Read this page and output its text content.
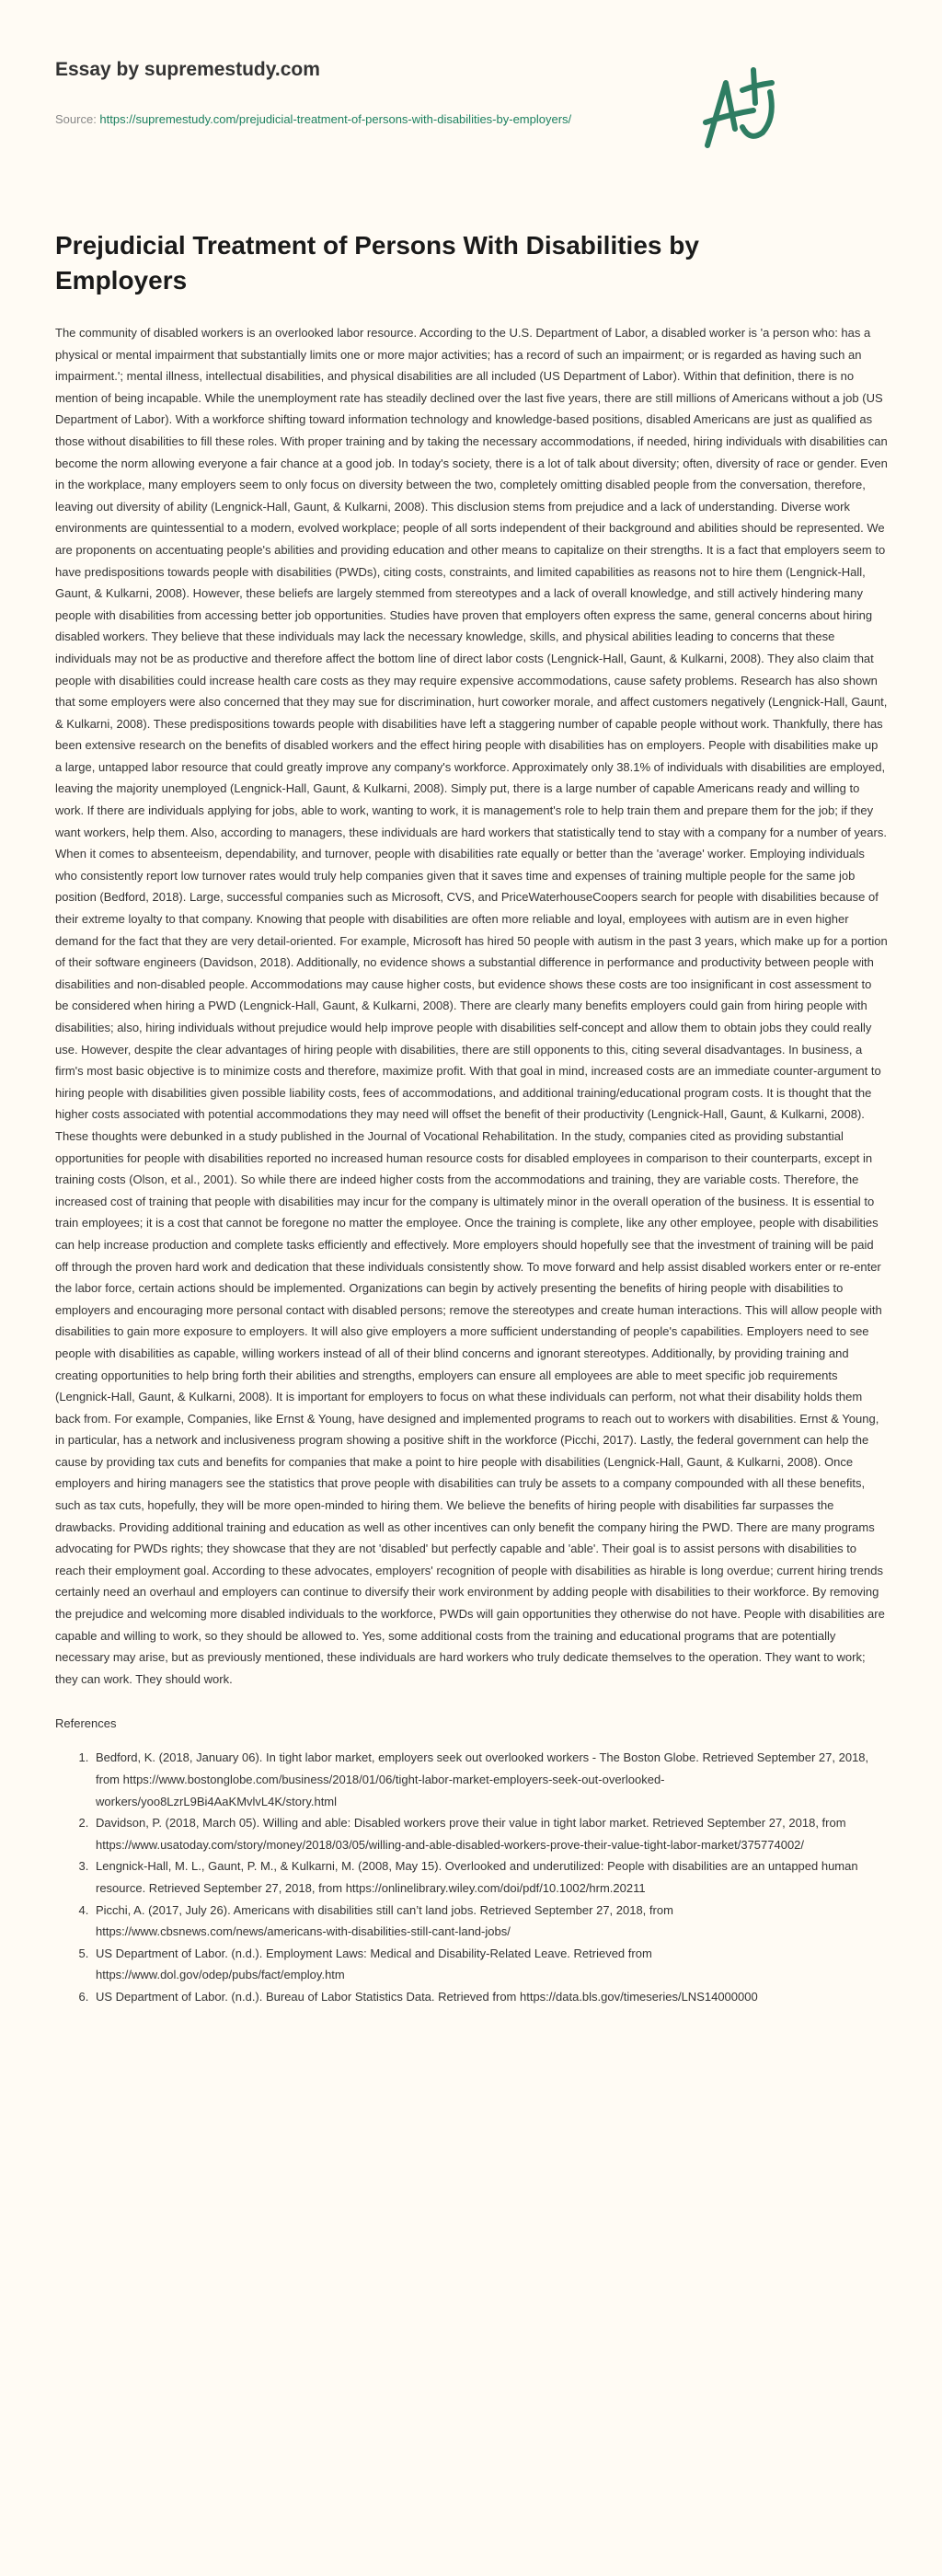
Essay by supremestudy.com
Source: https://supremestudy.com/prejudicial-treatment-of-persons-with-disabilities-by-employers/
Prejudicial Treatment of Persons With Disabilities by Employers

The community of disabled workers is an overlooked labor resource. According to the U.S. Department of Labor, a disabled worker is 'a person who: has a physical or mental impairment that substantially limits one or more major activities; has a record of such an impairment; or is regarded as having such an impairment.'; mental illness, intellectual disabilities, and physical disabilities are all included (US Department of Labor). Within that definition, there is no mention of being incapable. While the unemployment rate has steadily declined over the last five years, there are still millions of Americans without a job (US Department of Labor). With a workforce shifting toward information technology and knowledge-based positions, disabled Americans are just as qualified as those without disabilities to fill these roles. With proper training and by taking the necessary accommodations, if needed, hiring individuals with disabilities can become the norm allowing everyone a fair chance at a good job. In today's society, there is a lot of talk about diversity; often, diversity of race or gender. Even in the workplace, many employers seem to only focus on diversity between the two, completely omitting disabled people from the conversation, therefore, leaving out diversity of ability (Lengnick-Hall, Gaunt, & Kulkarni, 2008). This disclusion stems from prejudice and a lack of understanding. Diverse work environments are quintessential to a modern, evolved workplace; people of all sorts independent of their background and abilities should be represented. We are proponents on accentuating people's abilities and providing education and other means to capitalize on their strengths. It is a fact that employers seem to have predispositions towards people with disabilities (PWDs), citing costs, constraints, and limited capabilities as reasons not to hire them (Lengnick-Hall, Gaunt, & Kulkarni, 2008). However, these beliefs are largely stemmed from stereotypes and a lack of overall knowledge, and still actively hindering many people with disabilities from accessing better job opportunities. Studies have proven that employers often express the same, general concerns about hiring disabled workers. They believe that these individuals may lack the necessary knowledge, skills, and physical abilities leading to concerns that these individuals may not be as productive and therefore affect the bottom line of direct labor costs (Lengnick-Hall, Gaunt, & Kulkarni, 2008). They also claim that people with disabilities could increase health care costs as they may require expensive accommodations, cause safety problems. Research has also shown that some employers were also concerned that they may sue for discrimination, hurt coworker morale, and affect customers negatively (Lengnick-Hall, Gaunt, & Kulkarni, 2008). These predispositions towards people with disabilities have left a staggering number of capable people without work. Thankfully, there has been extensive research on the benefits of disabled workers and the effect hiring people with disabilities has on employers. People with disabilities make up a large, untapped labor resource that could greatly improve any company's workforce. Approximately only 38.1% of individuals with disabilities are employed, leaving the majority unemployed (Lengnick-Hall, Gaunt, & Kulkarni, 2008). Simply put, there is a large number of capable Americans ready and willing to work. If there are individuals applying for jobs, able to work, wanting to work, it is management's role to help train them and prepare them for the job; if they want workers, help them. Also, according to managers, these individuals are hard workers that statistically tend to stay with a company for a number of years. When it comes to absenteeism, dependability, and turnover, people with disabilities rate equally or better than the 'average' worker. Employing individuals who consistently report low turnover rates would truly help companies given that it saves time and expenses of training multiple people for the same job position (Bedford, 2018). Large, successful companies such as Microsoft, CVS, and PriceWaterhouseCoopers search for people with disabilities because of their extreme loyalty to that company. Knowing that people with disabilities are often more reliable and loyal, employees with autism are in even higher demand for the fact that they are very detail-oriented. For example, Microsoft has hired 50 people with autism in the past 3 years, which make up for a portion of their software engineers (Davidson, 2018). Additionally, no evidence shows a substantial difference in performance and productivity between people with disabilities and non-disabled people. Accommodations may cause higher costs, but evidence shows these costs are too insignificant in cost assessment to be considered when hiring a PWD (Lengnick-Hall, Gaunt, & Kulkarni, 2008). There are clearly many benefits employers could gain from hiring people with disabilities; also, hiring individuals without prejudice would help improve people with disabilities self-concept and allow them to obtain jobs they could really use. However, despite the clear advantages of hiring people with disabilities, there are still opponents to this, citing several disadvantages. In business, a firm's most basic objective is to minimize costs and therefore, maximize profit. With that goal in mind, increased costs are an immediate counter-argument to hiring people with disabilities given possible liability costs, fees of accommodations, and additional training/educational program costs. It is thought that the higher costs associated with potential accommodations they may need will offset the benefit of their productivity (Lengnick-Hall, Gaunt, & Kulkarni, 2008). These thoughts were debunked in a study published in the Journal of Vocational Rehabilitation. In the study, companies cited as providing substantial opportunities for people with disabilities reported no increased human resource costs for disabled employees in comparison to their counterparts, except in training costs (Olson, et al., 2001). So while there are indeed higher costs from the accommodations and training, they are variable costs. Therefore, the increased cost of training that people with disabilities may incur for the company is ultimately minor in the overall operation of the business. It is essential to train employees; it is a cost that cannot be foregone no matter the employee. Once the training is complete, like any other employee, people with disabilities can help increase production and complete tasks efficiently and effectively. More employers should hopefully see that the investment of training will be paid off through the proven hard work and dedication that these individuals consistently show. To move forward and help assist disabled workers enter or re-enter the labor force, certain actions should be implemented. Organizations can begin by actively presenting the benefits of hiring people with disabilities to employers and encouraging more personal contact with disabled persons; remove the stereotypes and create human interactions. This will allow people with disabilities to gain more exposure to employers. It will also give employers a more sufficient understanding of people's capabilities. Employers need to see people with disabilities as capable, willing workers instead of all of their blind concerns and ignorant stereotypes. Additionally, by providing training and creating opportunities to help bring forth their abilities and strengths, employers can ensure all employees are able to meet specific job requirements (Lengnick-Hall, Gaunt, & Kulkarni, 2008). It is important for employers to focus on what these individuals can perform, not what their disability holds them back from. For example, Companies, like Ernst & Young, have designed and implemented programs to reach out to workers with disabilities. Ernst & Young, in particular, has a network and inclusiveness program showing a positive shift in the workforce (Picchi, 2017). Lastly, the federal government can help the cause by providing tax cuts and benefits for companies that make a point to hire people with disabilities (Lengnick-Hall, Gaunt, & Kulkarni, 2008). Once employers and hiring managers see the statistics that prove people with disabilities can truly be assets to a company compounded with all these benefits, such as tax cuts, hopefully, they will be more open-minded to hiring them. We believe the benefits of hiring people with disabilities far surpasses the drawbacks. Providing additional training and education as well as other incentives can only benefit the company hiring the PWD. There are many programs advocating for PWDs rights; they showcase that they are not 'disabled' but perfectly capable and 'able'. Their goal is to assist persons with disabilities to reach their employment goal. According to these advocates, employers' recognition of people with disabilities as hirable is long overdue; current hiring trends certainly need an overhaul and employers can continue to diversify their work environment by adding people with disabilities to their workforce. By removing the prejudice and welcoming more disabled individuals to the workforce, PWDs will gain opportunities they otherwise do not have. People with disabilities are capable and willing to work, so they should be allowed to. Yes, some additional costs from the training and educational programs that are potentially necessary may arise, but as previously mentioned, these individuals are hard workers who truly dedicate themselves to the operation. They want to work; they can work. They should work.

References
1. Bedford, K. (2018, January 06). In tight labor market, employers seek out overlooked workers - The Boston Globe. Retrieved September 27, 2018, from https://www.bostonglobe.com/business/2018/01/06/tight-labor-market-employers-seek-out-overlooked-workers/yoo8LzrL9Bi4AaKMvlvL4K/story.html
2. Davidson, P. (2018, March 05). Willing and able: Disabled workers prove their value in tight labor market. Retrieved September 27, 2018, from https://www.usatoday.com/story/money/2018/03/05/willing-and-able-disabled-workers-prove-their-value-tight-labor-market/375774002/
3. Lengnick-Hall, M. L., Gaunt, P. M., & Kulkarni, M. (2008, May 15). Overlooked and underutilized: People with disabilities are an untapped human resource. Retrieved September 27, 2018, from https://onlinelibrary.wiley.com/doi/pdf/10.1002/hrm.20211
4. Picchi, A. (2017, July 26). Americans with disabilities still can’t land jobs. Retrieved September 27, 2018, from https://www.cbsnews.com/news/americans-with-disabilities-still-cant-land-jobs/
5. US Department of Labor. (n.d.). Employment Laws: Medical and Disability-Related Leave. Retrieved from https://www.dol.gov/odep/pubs/fact/employ.htm
6. US Department of Labor. (n.d.). Bureau of Labor Statistics Data. Retrieved from https://data.bls.gov/timeseries/LNS14000000
